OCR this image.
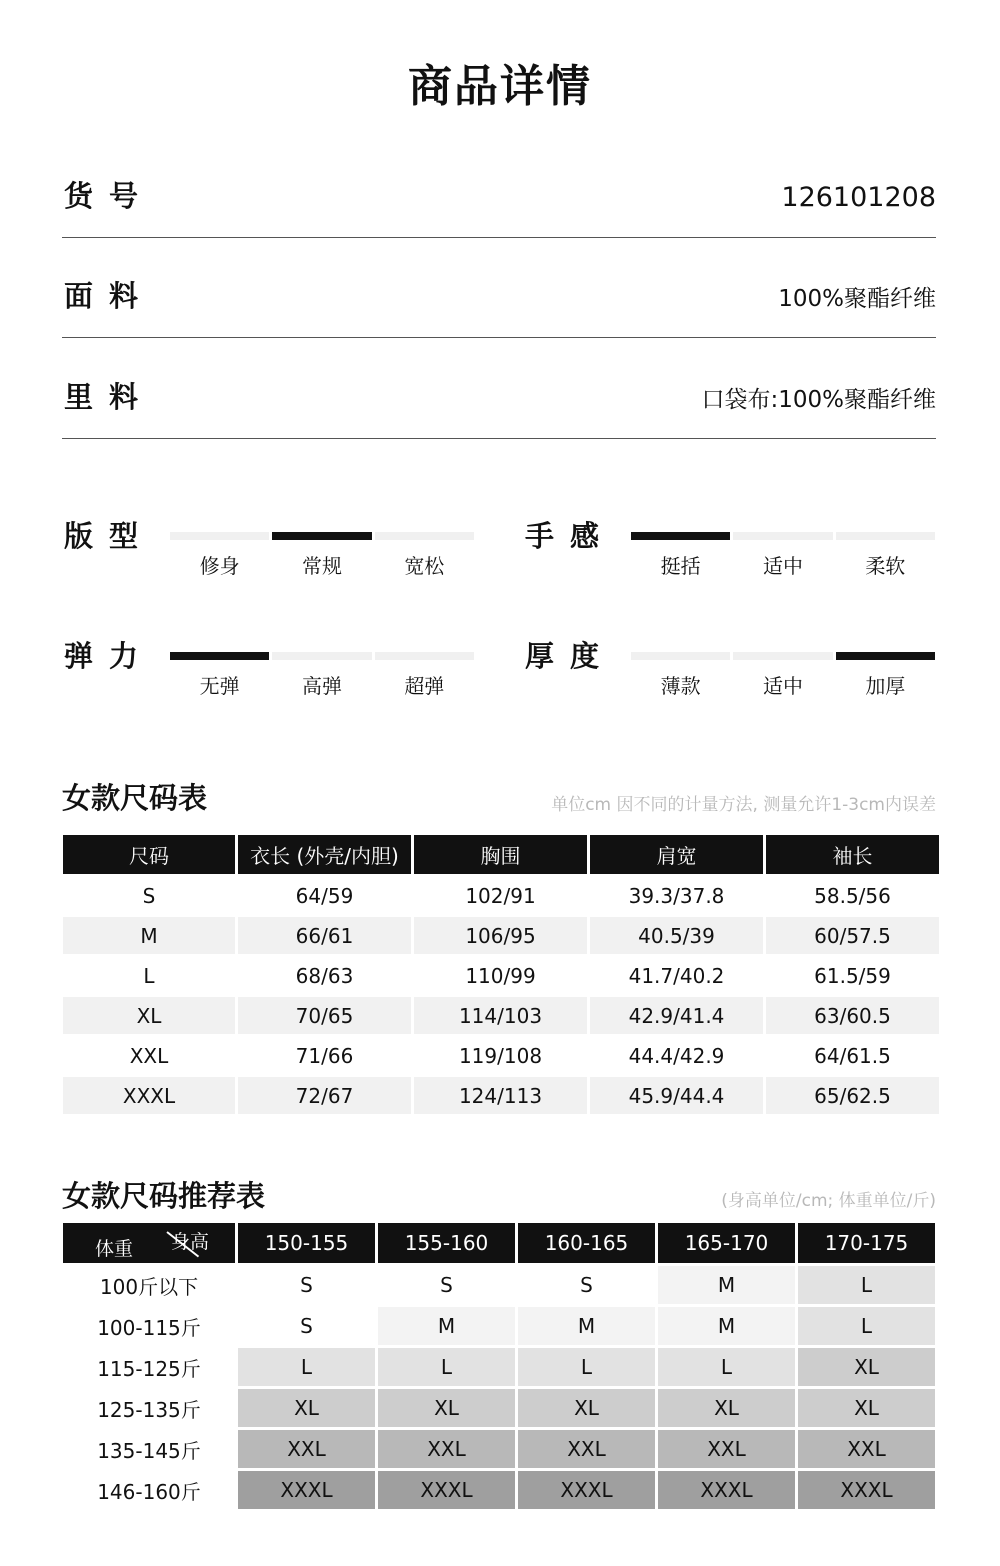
商品详情
货号	126101208
面料	100%聚酯纤维
里料	口袋布:100%聚酯纤维
版型
修身	常规	宽松
手感
挺括	适中	柔软
弹力
无弹	高弹	超弹
厚度
薄款	适中	加厚
女款尺码表	单位cm 因不同的计量方法, 测量允许1-3cm内误差
尺码	衣长 (外壳/内胆)	胸围	肩宽	袖长
S	64/59	102/91	39.3/37.8	58.5/56
M	66/61	106/95	40.5/39	60/57.5
L	68/63	110/99	41.7/40.2	61.5/59
XL	70/65	114/103	42.9/41.4	63/60.5
XXL	71/66	119/108	44.4/42.9	64/61.5
XXXL	72/67	124/113	45.9/44.4	65/62.5
女款尺码推荐表	(身高单位/cm; 体重单位/斤)
身高
体重	150-155	155-160	160-165	165-170	170-175
100斤以下	S	S	S	M	L
100-115斤	S	M	M	M	L
115-125斤	L	L	L	L	XL
125-135斤	XL	XL	XL	XL	XL
135-145斤	XXL	XXL	XXL	XXL	XXL
146-160斤	XXXL	XXXL	XXXL	XXXL	XXXL
